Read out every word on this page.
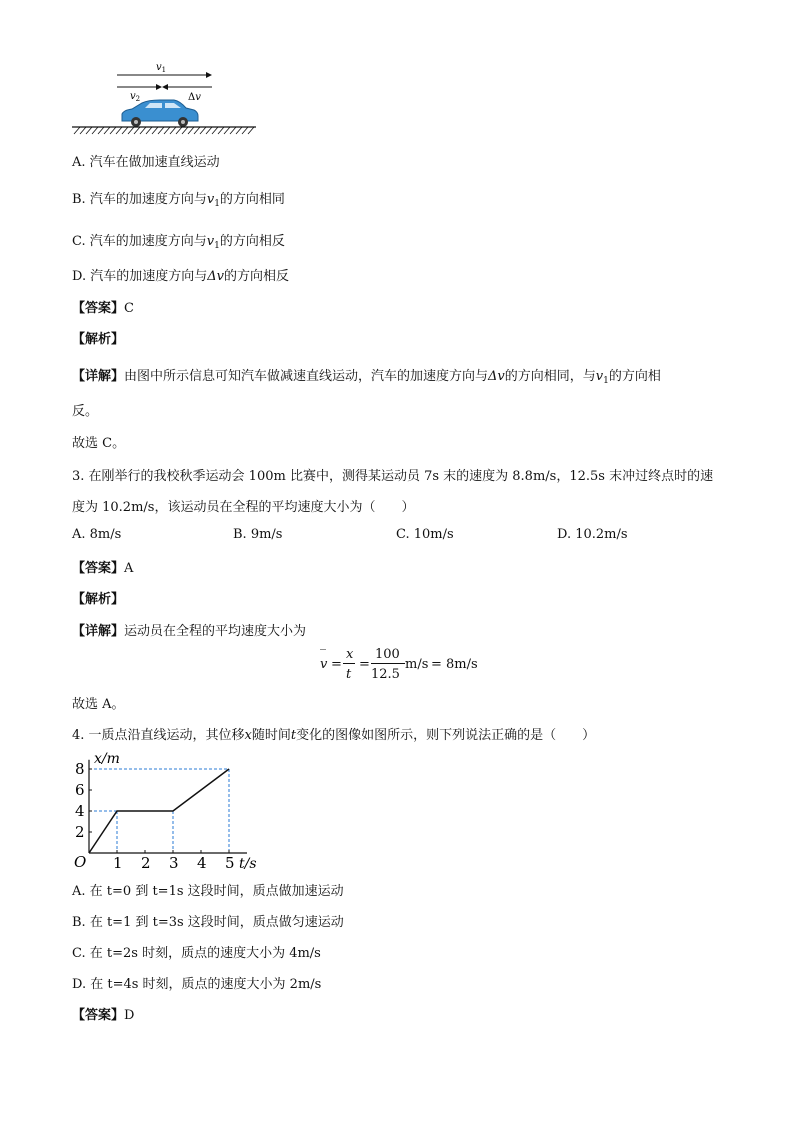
$v_1$
$v_2$	Δv
A. 汽车在做加速直线运动
B. 汽车的加速度方向与$v_1$的方向相同
C. 汽车的加速度方向与$v_1$的方向相反
D. 汽车的加速度方向与Δv的方向相反
【答案】C
【解析】
【详解】由图中所示信息可知汽车做减速直线运动，汽车的加速度方向与Δv的方向相同，与$v_1$的方向相
反。
故选 C。
3. 在刚举行的我校秋季运动会 100m 比赛中，测得某运动员 7s 末的速度为 8.8m/s，12.5s 末冲过终点时的速
度为 10.2m/s，该运动员在全程的平均速度大小为（　　）
A. 8m/s	B. 9m/s	C. 10m/s	D. 10.2m/s
【答案】A
【解析】
【详解】运动员在全程的平均速度大小为
‾
v =
x
t
=
100
12.5
m/s = 8m/s
故选 A。
4. 一质点沿直线运动，其位移x随时间t变化的图像如图所示，则下列说法正确的是（　　）
1 2 3 4 5
2
4
6
8
O
x/m
t/s
A. 在 t=0 到 t=1s 这段时间，质点做加速运动
B. 在 t=1 到 t=3s 这段时间，质点做匀速运动
C. 在 t=2s 时刻，质点的速度大小为 4m/s
D. 在 t=4s 时刻，质点的速度大小为 2m/s
【答案】D
